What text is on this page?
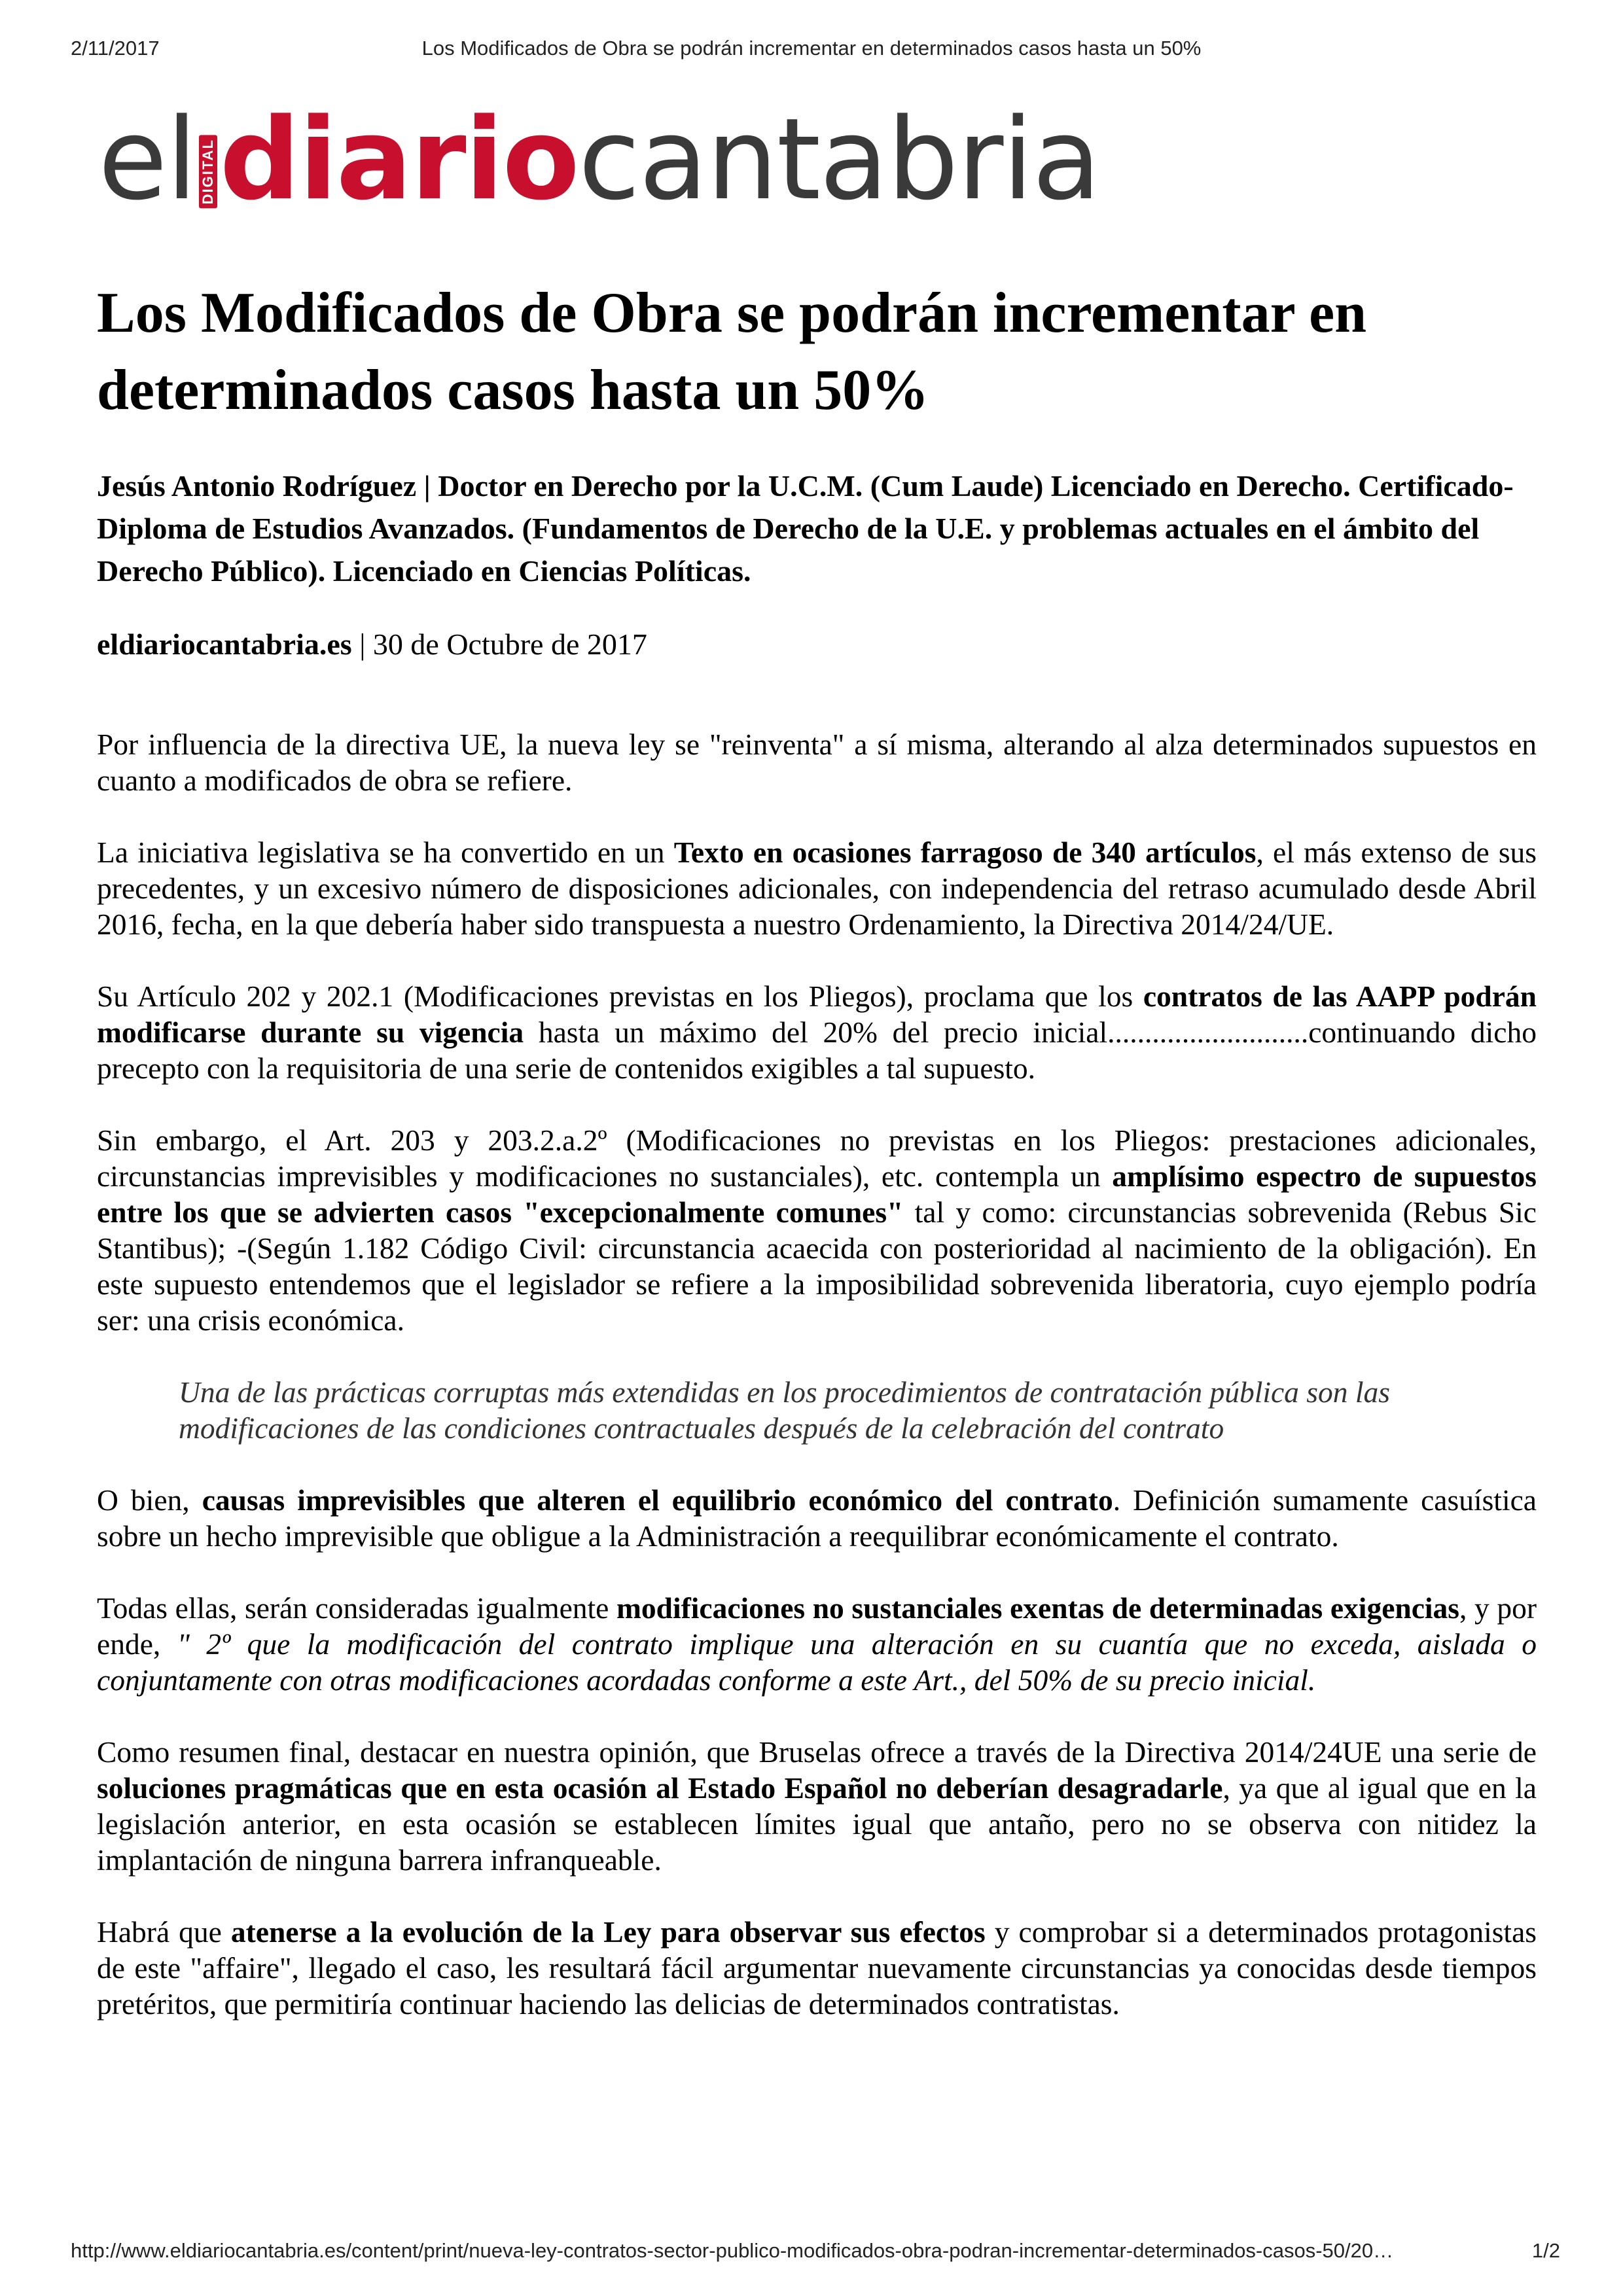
2/11/2017	Los Modificados de Obra se podrán incrementar en determinados casos hasta un 50%
el DIGITAL diario cantabria
Los Modificados de Obra se podrán incrementar en determinados casos hasta un 50%

Jesús Antonio Rodríguez | Doctor en Derecho por la U.C.M. (Cum Laude) Licenciado en Derecho. Certificado-Diploma de Estudios Avanzados. (Fundamentos de Derecho de la U.E. y problemas actuales en el ámbito del Derecho Público). Licenciado en Ciencias Políticas.

eldiariocantabria.es | 30 de Octubre de 2017

Por influencia de la directiva UE, la nueva ley se "reinventa" a sí misma, alterando al alza determinados supuestos en cuanto a modificados de obra se refiere.

La iniciativa legislativa se ha convertido en un Texto en ocasiones farragoso de 340 artículos, el más extenso de sus precedentes, y un excesivo número de disposiciones adicionales, con independencia del retraso acumulado desde Abril 2016, fecha, en la que debería haber sido transpuesta a nuestro Ordenamiento, la Directiva 2014/24/UE.

Su Artículo 202 y 202.1 (Modificaciones previstas en los Pliegos), proclama que los contratos de las AAPP podrán modificarse durante su vigencia hasta un máximo del 20% del precio inicial...........................continuando dicho precepto con la requisitoria de una serie de contenidos exigibles a tal supuesto.

Sin embargo, el Art. 203 y 203.2.a.2º (Modificaciones no previstas en los Pliegos: prestaciones adicionales, circunstancias imprevisibles y modificaciones no sustanciales), etc. contempla un amplísimo espectro de supuestos entre los que se advierten casos "excepcionalmente comunes" tal y como: circunstancias sobrevenida (Rebus Sic Stantibus); -(Según 1.182 Código Civil: circunstancia acaecida con posterioridad al nacimiento de la obligación). En este supuesto entendemos que el legislador se refiere a la imposibilidad sobrevenida liberatoria, cuyo ejemplo podría ser: una crisis económica.

Una de las prácticas corruptas más extendidas en los procedimientos de contratación pública son las modificaciones de las condiciones contractuales después de la celebración del contrato

O bien, causas imprevisibles que alteren el equilibrio económico del contrato. Definición sumamente casuística sobre un hecho imprevisible que obligue a la Administración a reequilibrar económicamente el contrato.

Todas ellas, serán consideradas igualmente modificaciones no sustanciales exentas de determinadas exigencias, y por ende, " 2º que la modificación del contrato implique una alteración en su cuantía que no exceda, aislada o conjuntamente con otras modificaciones acordadas conforme a este Art., del 50% de su precio inicial.

Como resumen final, destacar en nuestra opinión, que Bruselas ofrece a través de la Directiva 2014/24UE una serie de soluciones pragmáticas que en esta ocasión al Estado Español no deberían desagradarle, ya que al igual que en la legislación anterior, en esta ocasión se establecen límites igual que antaño, pero no se observa con nitidez la implantación de ninguna barrera infranqueable.

Habrá que atenerse a la evolución de la Ley para observar sus efectos y comprobar si a determinados protagonistas de este "affaire", llegado el caso, les resultará fácil argumentar nuevamente circunstancias ya conocidas desde tiempos pretéritos, que permitiría continuar haciendo las delicias de determinados contratistas.

http://www.eldiariocantabria.es/content/print/nueva-ley-contratos-sector-publico-modificados-obra-podran-incrementar-determinados-casos-50/20…	1/2
